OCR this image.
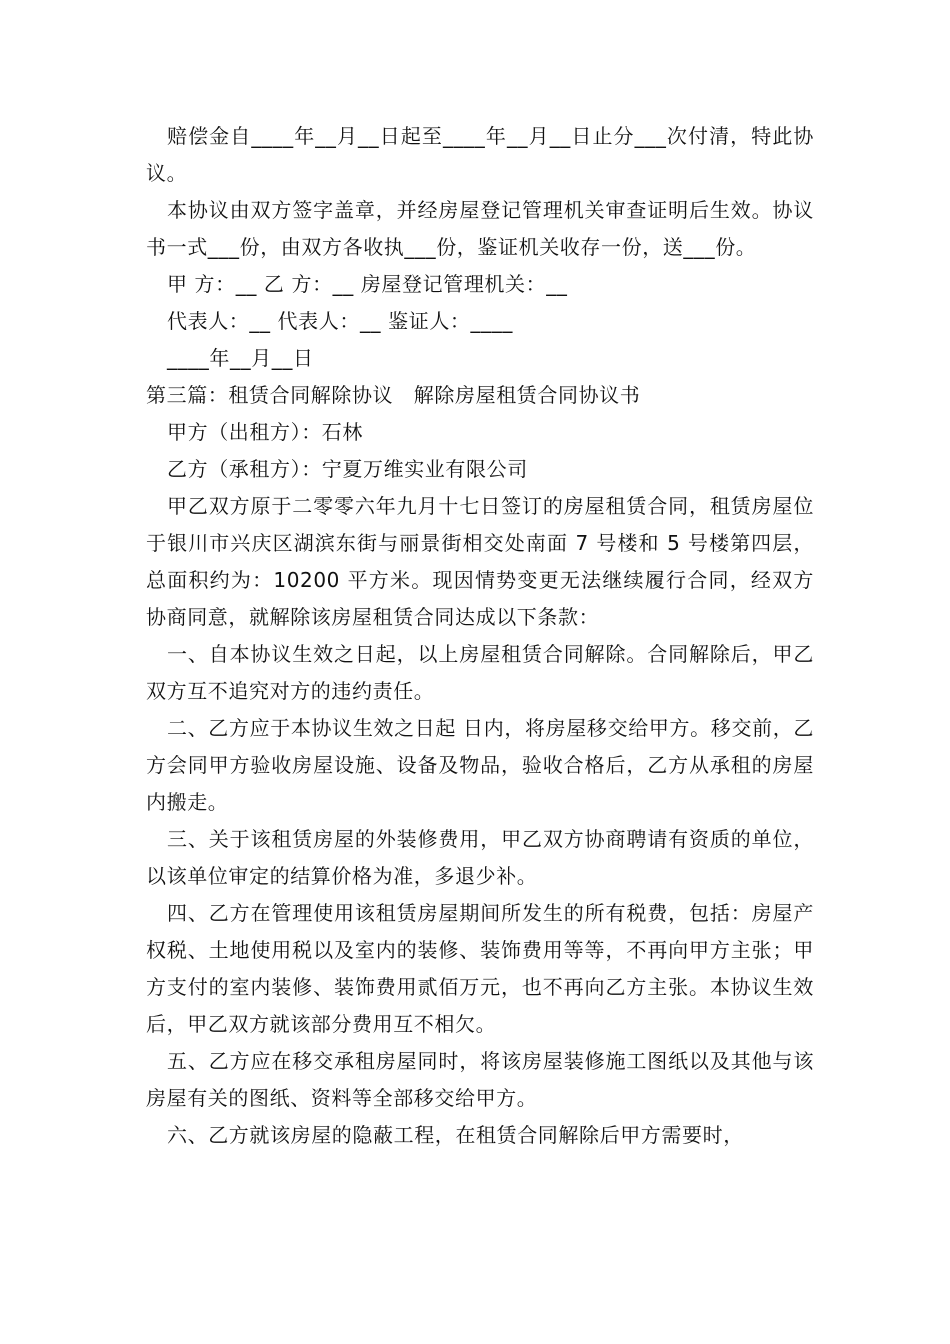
赔偿金自____年__月__日起至____年__月__日止分___次付清，特此协议。

本协议由双方签字盖章，并经房屋登记管理机关审查证明后生效。协议书一式___份，由双方各收执___份，鉴证机关收存一份，送___份。

甲 方：__ 乙 方：__ 房屋登记管理机关：__

代表人：__ 代表人：__ 鉴证人：____

____年__月__日

第三篇：租赁合同解除协议　解除房屋租赁合同协议书

甲方（出租方）：石林

乙方（承租方）：宁夏万维实业有限公司

甲乙双方原于二零零六年九月十七日签订的房屋租赁合同，租赁房屋位于银川市兴庆区湖滨东街与丽景街相交处南面 7 号楼和 5 号楼第四层，总面积约为：10200 平方米。现因情势变更无法继续履行合同，经双方协商同意，就解除该房屋租赁合同达成以下条款：

一、自本协议生效之日起，以上房屋租赁合同解除。合同解除后，甲乙双方互不追究对方的违约责任。

二、乙方应于本协议生效之日起 日内，将房屋移交给甲方。移交前，乙方会同甲方验收房屋设施、设备及物品，验收合格后，乙方从承租的房屋内搬走。

三、关于该租赁房屋的外装修费用，甲乙双方协商聘请有资质的单位，以该单位审定的结算价格为准，多退少补。

四、乙方在管理使用该租赁房屋期间所发生的所有税费，包括：房屋产权税、土地使用税以及室内的装修、装饰费用等等，不再向甲方主张；甲方支付的室内装修、装饰费用贰佰万元，也不再向乙方主张。本协议生效后，甲乙双方就该部分费用互不相欠。

五、乙方应在移交承租房屋同时，将该房屋装修施工图纸以及其他与该房屋有关的图纸、资料等全部移交给甲方。

六、乙方就该房屋的隐蔽工程，在租赁合同解除后甲方需要时，
